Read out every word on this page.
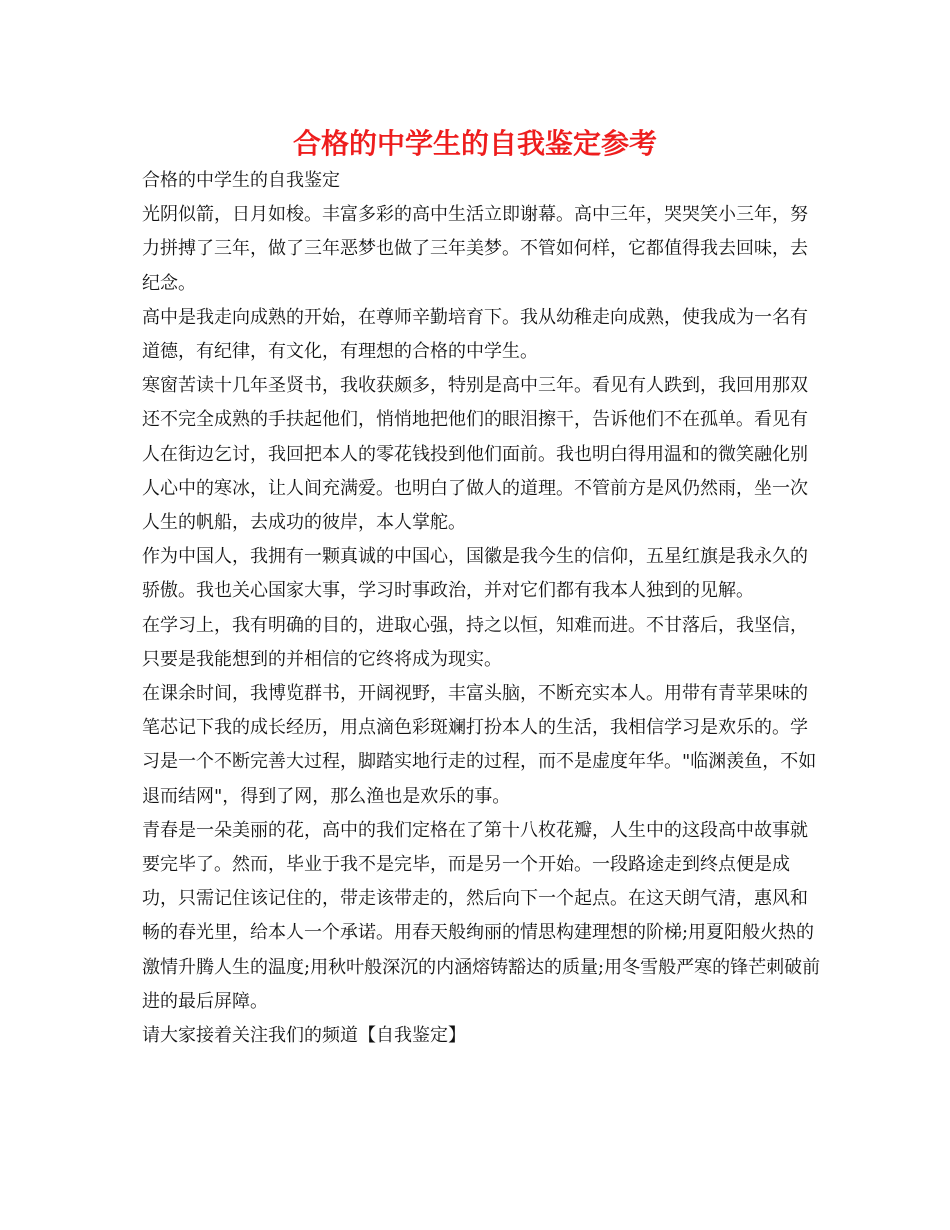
合格的中学生的自我鉴定参考

合格的中学生的自我鉴定

光阴似箭，日月如梭。丰富多彩的高中生活立即谢幕。高中三年，哭哭笑小三年，努力拼搏了三年，做了三年恶梦也做了三年美梦。不管如何样，它都值得我去回味，去纪念。

高中是我走向成熟的开始，在尊师辛勤培育下。我从幼稚走向成熟，使我成为一名有道德，有纪律，有文化，有理想的合格的中学生。

寒窗苦读十几年圣贤书，我收获颇多，特别是高中三年。看见有人跌到，我回用那双还不完全成熟的手扶起他们，悄悄地把他们的眼泪擦干，告诉他们不在孤单。看见有人在街边乞讨，我回把本人的零花钱投到他们面前。我也明白得用温和的微笑融化别人心中的寒冰，让人间充满爱。也明白了做人的道理。不管前方是风仍然雨，坐一次人生的帆船，去成功的彼岸，本人掌舵。

作为中国人，我拥有一颗真诚的中国心，国徽是我今生的信仰，五星红旗是我永久的骄傲。我也关心国家大事，学习时事政治，并对它们都有我本人独到的见解。

在学习上，我有明确的目的，进取心强，持之以恒，知难而进。不甘落后，我坚信，只要是我能想到的并相信的它终将成为现实。

在课余时间，我博览群书，开阔视野，丰富头脑，不断充实本人。用带有青苹果味的笔芯记下我的成长经历，用点滴色彩斑斓打扮本人的生活，我相信学习是欢乐的。学习是一个不断完善大过程，脚踏实地行走的过程，而不是虚度年华。"临渊羡鱼，不如退而结网"，得到了网，那么渔也是欢乐的事。

青春是一朵美丽的花，高中的我们定格在了第十八枚花瓣，人生中的这段高中故事就要完毕了。然而，毕业于我不是完毕，而是另一个开始。一段路途走到终点便是成功，只需记住该记住的，带走该带走的，然后向下一个起点。在这天朗气清，惠风和畅的春光里，给本人一个承诺。用春天般绚丽的情思构建理想的阶梯;用夏阳般火热的激情升腾人生的温度;用秋叶般深沉的内涵熔铸豁达的质量;用冬雪般严寒的锋芒刺破前进的最后屏障。

请大家接着关注我们的频道【自我鉴定】
